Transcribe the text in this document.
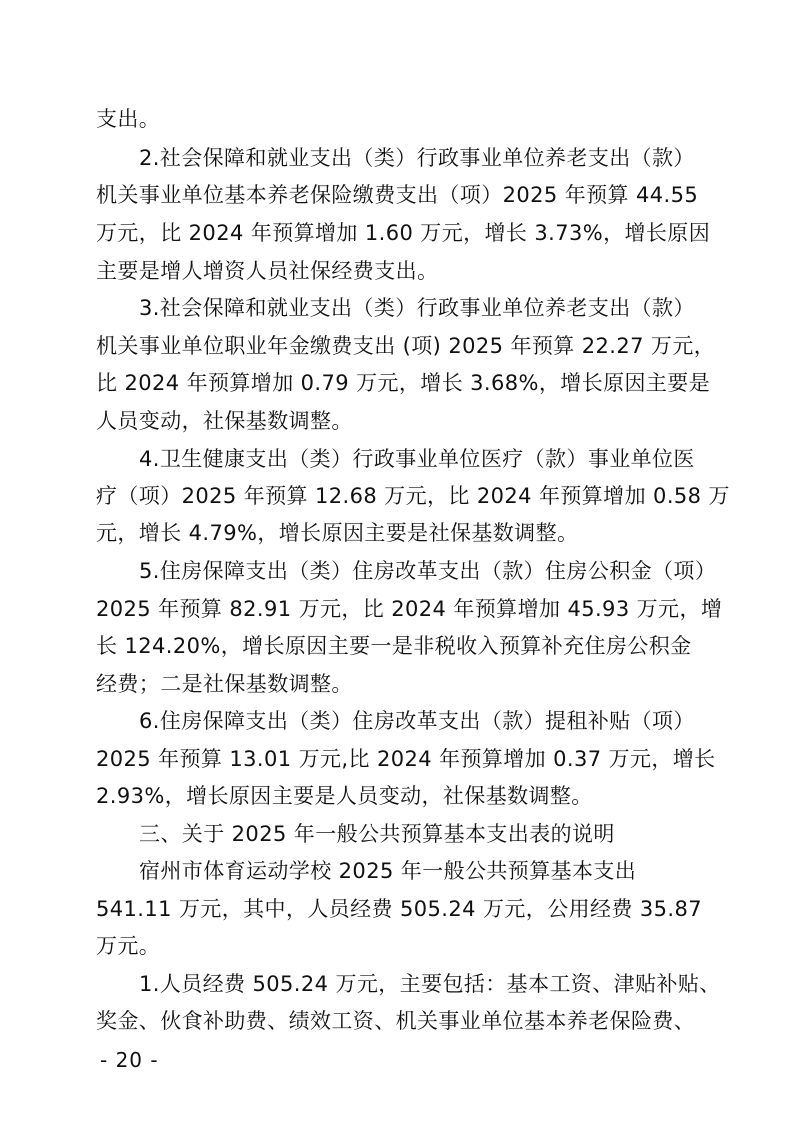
支出。
2.社会保障和就业支出（类）行政事业单位养老支出（款）
机关事业单位基本养老保险缴费支出（项）2025 年预算 44.55
万元，比 2024 年预算增加 1.60 万元，增长 3.73%，增长原因
主要是增人增资人员社保经费支出。
3.社会保障和就业支出（类）行政事业单位养老支出（款）
机关事业单位职业年金缴费支出 (项) 2025 年预算 22.27 万元，
比 2024 年预算增加 0.79 万元，增长 3.68%，增长原因主要是
人员变动，社保基数调整。
4.卫生健康支出（类）行政事业单位医疗（款）事业单位医
疗（项）2025 年预算 12.68 万元，比 2024 年预算增加 0.58 万
元，增长 4.79%，增长原因主要是社保基数调整。
5.住房保障支出（类）住房改革支出（款）住房公积金（项）
2025 年预算 82.91 万元，比 2024 年预算增加 45.93 万元，增
长 124.20%，增长原因主要一是非税收入预算补充住房公积金
经费；二是社保基数调整。
6.住房保障支出（类）住房改革支出（款）提租补贴（项）
2025 年预算 13.01 万元,比 2024 年预算增加 0.37 万元，增长
2.93%，增长原因主要是人员变动，社保基数调整。
三、关于 2025 年一般公共预算基本支出表的说明
宿州市体育运动学校 2025 年一般公共预算基本支出
541.11 万元，其中，人员经费 505.24 万元，公用经费 35.87
万元。
1.人员经费 505.24 万元，主要包括：基本工资、津贴补贴、
奖金、伙食补助费、绩效工资、机关事业单位基本养老保险费、
- 20 -
